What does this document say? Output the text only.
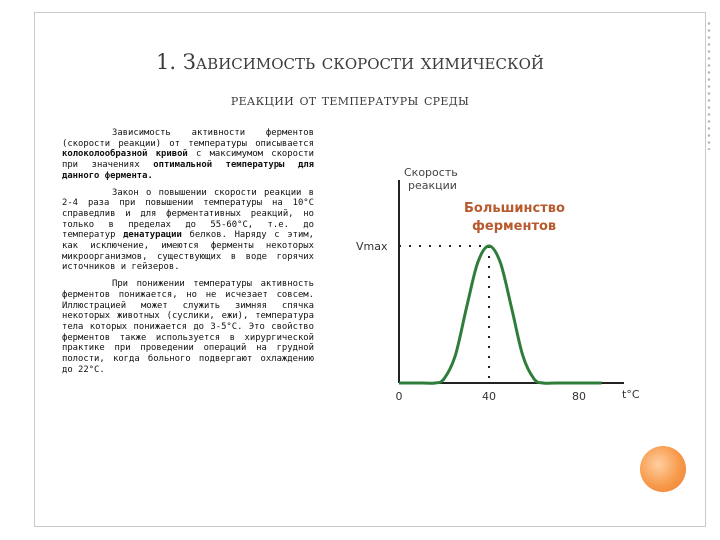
1. Зависимость скорости химической
реакции от температуры среды

Зависимость активности ферментов (скорости реакции) от температуры описывается колоколообразной кривой с максимумом скорости при значениях оптимальной температуры для данного фермента.

Закон о повышении скорости реакции в 2-4 раза при повышении температуры на 10°С справедлив и для ферментативных реакций, но только в пределах до 55-60°С, т.е. до температур денатурации белков. Наряду с этим, как исключение, имеются ферменты некоторых микроорганизмов, существующих в воде горячих источников и гейзеров.

При понижении температуры активность ферментов понижается, но не исчезает совсем. Иллюстрацией может служить зимняя спячка некоторых животных (суслики, ежи), температура тела которых понижается до 3-5°С. Это свойство ферментов также используется в хирургической практике при проведении операций на грудной полости, когда больного подвергают охлаждению до 22°С.

Скорость
реакции
t°C
Vmax
Большинство
ферментов
0	40	80
